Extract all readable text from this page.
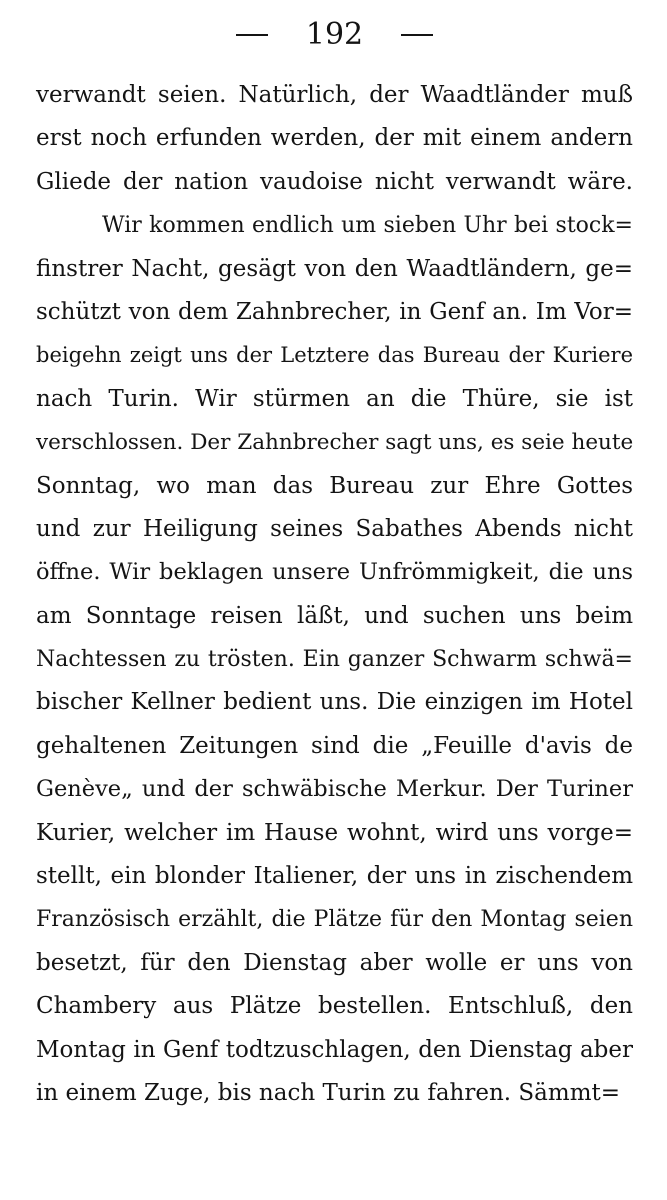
192
verwandt seien. Natürlich, der Waadtländer muß
erst noch erfunden werden, der mit einem andern
Gliede der nation vaudoise nicht verwandt wäre.
Wir kommen endlich um sieben Uhr bei stock=
finstrer Nacht, gesägt von den Waadtländern, ge=
schützt von dem Zahnbrecher, in Genf an. Im Vor=
beigehn zeigt uns der Letztere das Bureau der Kuriere
nach Turin. Wir stürmen an die Thüre, sie ist
verschlossen. Der Zahnbrecher sagt uns, es seie heute
Sonntag, wo man das Bureau zur Ehre Gottes
und zur Heiligung seines Sabathes Abends nicht
öffne. Wir beklagen unsere Unfrömmigkeit, die uns
am Sonntage reisen läßt, und suchen uns beim
Nachtessen zu trösten. Ein ganzer Schwarm schwä=
bischer Kellner bedient uns. Die einzigen im Hotel
gehaltenen Zeitungen sind die „Feuille d'avis de
Genève„ und der schwäbische Merkur. Der Turiner
Kurier, welcher im Hause wohnt, wird uns vorge=
stellt, ein blonder Italiener, der uns in zischendem
Französisch erzählt, die Plätze für den Montag seien
besetzt, für den Dienstag aber wolle er uns von
Chambery aus Plätze bestellen. Entschluß, den
Montag in Genf todtzuschlagen, den Dienstag aber
in einem Zuge, bis nach Turin zu fahren. Sämmt=
